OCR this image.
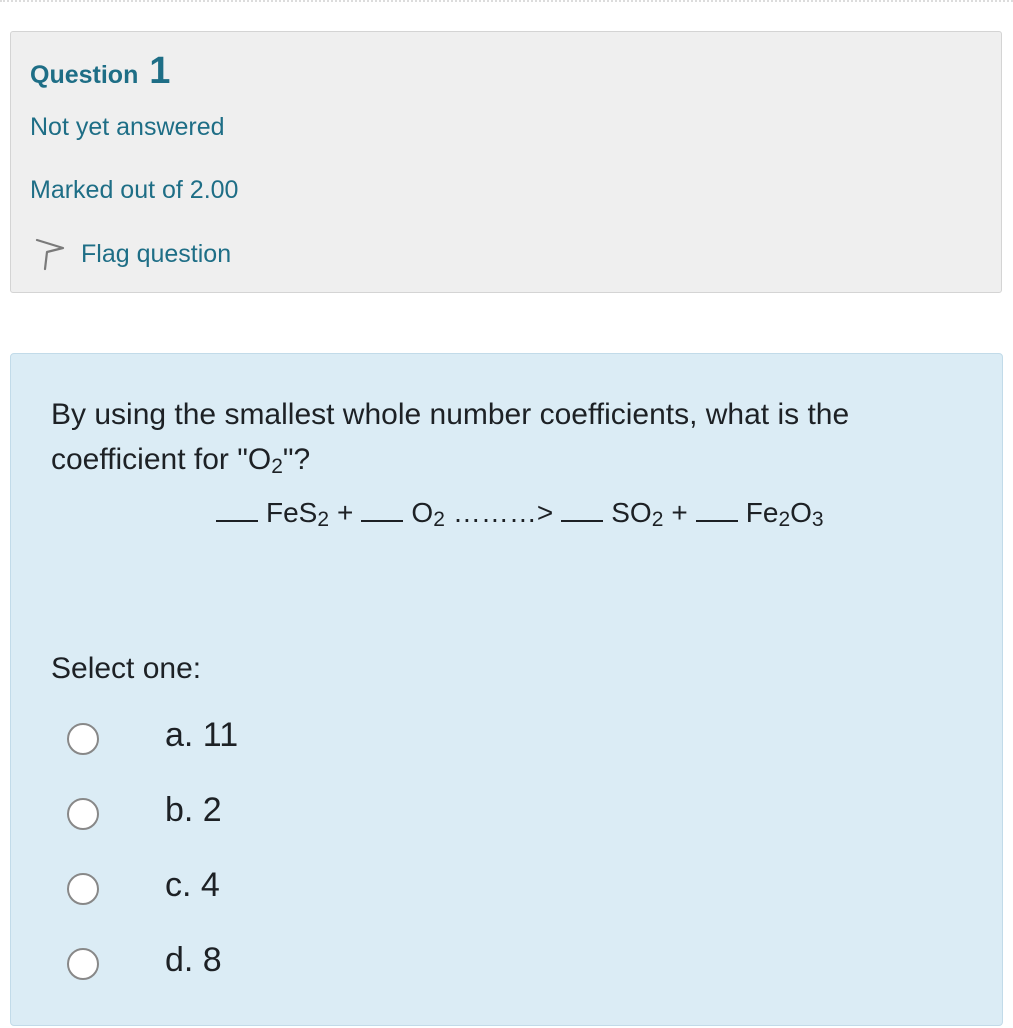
Question 1
Not yet answered
Marked out of 2.00
Flag question

By using the smallest whole number coefficients, what is the coefficient for "$O_2$"?

$FeS_2 + O_2$ ………> $SO_2 + Fe_2O_3$
Select one:
a. 11
b. 2
c. 4
d. 8
